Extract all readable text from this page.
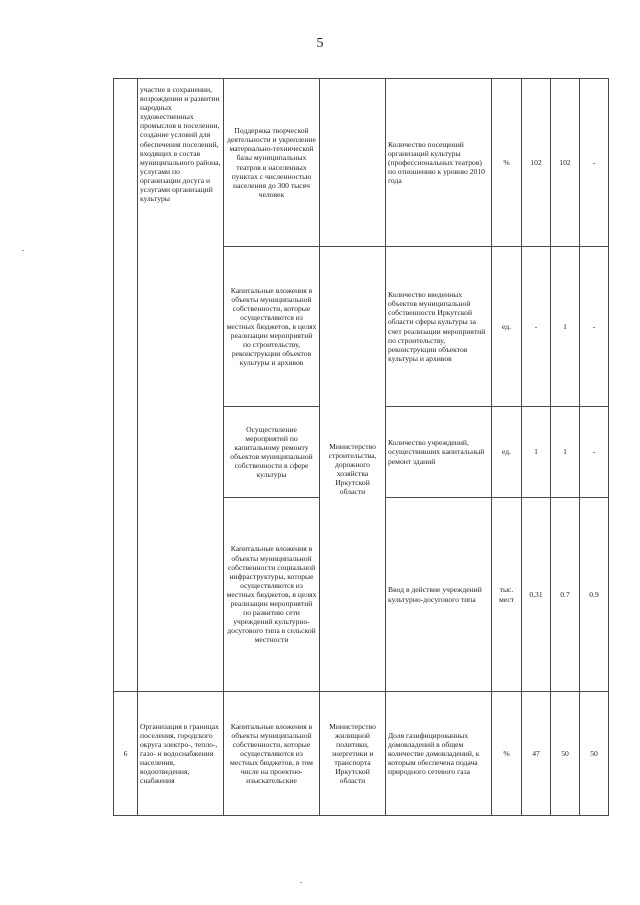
5
	участие в сохранении, возрождении и развитии народных художественных промыслов в поселении, создание условий для обеспечения поселений, входящих в состав муниципального района, услугами по организации досуга и услугами организаций культуры	Поддержка творческой деятельности и укрепление материально-технической базы муниципальных театров в населенных пунктах с численностью населения до 300 тысяч человек		Количество посещений организаций культуры (профессиональных театров) по отношению к уровню 2010 года	%	102	102	-
		Капитальные вложения в объекты муниципальной собственности, которые осуществляются из местных бюджетов, в целях реализации мероприятий по строительству, реконструкции объектов культуры и архивов	Министерство строительства, дорожного хозяйства Иркутской области	Количество введенных объектов муниципальной собственности Иркутской области сферы культуры за счет реализации мероприятий по строительству, реконструкции объектов культуры и архивов	ед.	-	1	-
		Осуществление мероприятий по капитальному ремонту объектов муниципальной собственности в сфере культуры		Количество учреждений, осуществивших капитальный ремонт зданий	ед.	1	1	-
		Капитальные вложения в объекты муниципальной собственности социальной инфраструктуры, которые осуществляются из местных бюджетов, в целях реализации мероприятий по развитию сети учреждений культурно-досугового типа в сельской местности		Ввод в действие учреждений культурно-досугового типа	тыс. мест	0,31	0.7	0.9
6	Организация в границах поселения, городского округа электро-, тепло-, газо- и водоснабжения населения, водоотведения, снабжения	Капитальные вложения в объекты муниципальной собственности, которые осуществляются из местных бюджетов, в том числе на проектно-изыскательские	Министерство жилищной политики, энергетики и транспорта Иркутской области	Доля газифицированных домовладений в общем количестве домовладений, к которым обеспечена подача природного сетевого газа	%	47	50	50
